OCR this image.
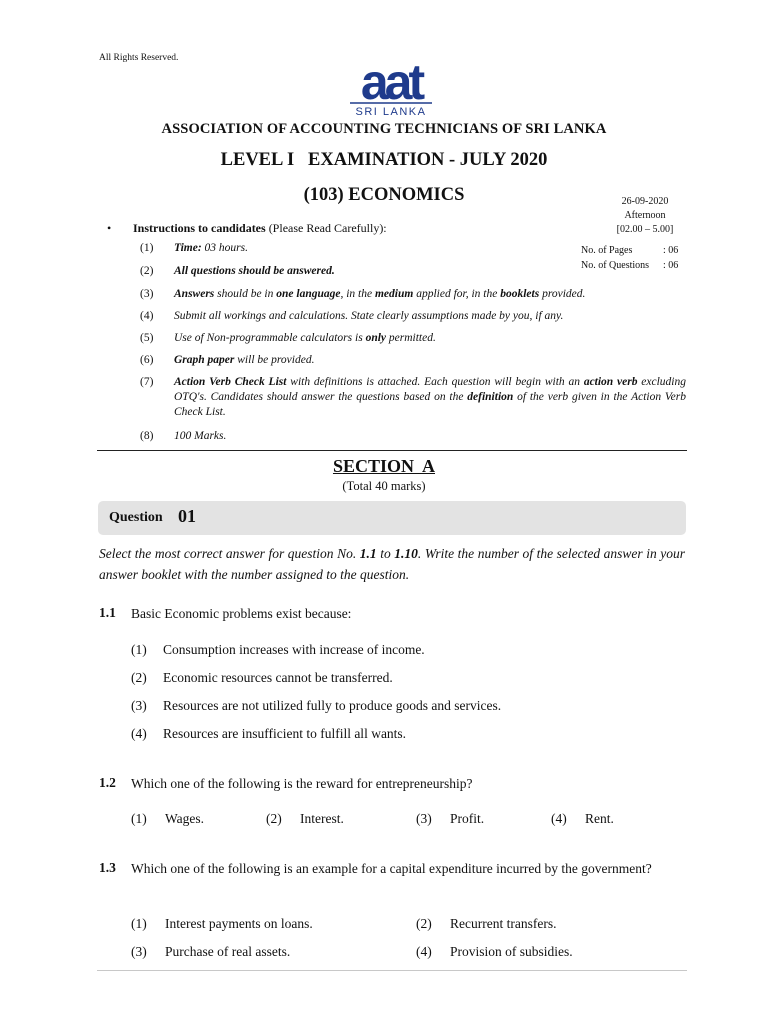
All Rights Reserved.	aat
SRI LANKA
ASSOCIATION OF ACCOUNTING TECHNICIANS OF SRI LANKA
LEVEL I   EXAMINATION - JULY 2020
(103) ECONOMICS	26-09-2020
Afternoon
[02.00 – 5.00]
No. of Pages	: 06
No. of Questions : 06
• Instructions to candidates (Please Read Carefully):
(1) Time: 03 hours.
(2) All questions should be answered.
(3) Answers should be in one language, in the medium applied for, in the booklets provided.
(4) Submit all workings and calculations. State clearly assumptions made by you, if any.
(5) Use of Non-programmable calculators is only permitted.
(6) Graph paper will be provided.
(7) Action Verb Check List with definitions is attached. Each question will begin with an action verb excluding OTQ's. Candidates should answer the questions based on the definition of the verb given in the Action Verb Check List.
(8) 100 Marks.
SECTION  A
(Total 40 marks)
Question 01
Select the most correct answer for question No. 1.1 to 1.10. Write the number of the selected answer in your answer booklet with the number assigned to the question.
1.1 Basic Economic problems exist because:
(1) Consumption increases with increase of income.
(2) Economic resources cannot be transferred.
(3) Resources are not utilized fully to produce goods and services.
(4) Resources are insufficient to fulfill all wants.
1.2 Which one of the following is the reward for entrepreneurship?
(1) Wages.	(2) Interest.	(3) Profit.	(4) Rent.
1.3 Which one of the following is an example for a capital expenditure incurred by the government?
(1) Interest payments on loans.	(2) Recurrent transfers.
(3) Purchase of real assets.	(4) Provision of subsidies.
